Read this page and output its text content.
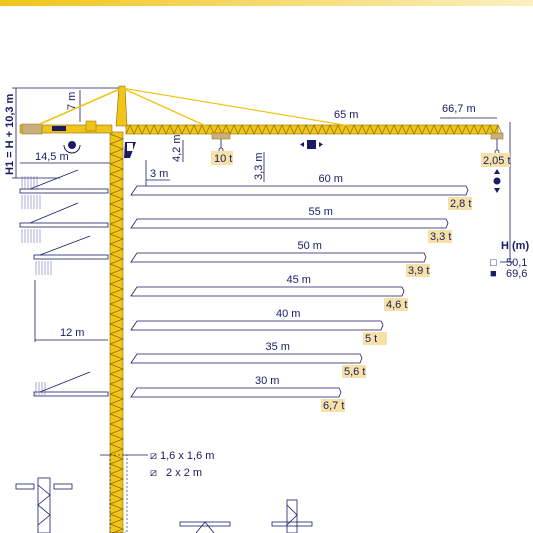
H1 = H + 10,3 m	7 m
14,5 m	4,2 m
3,3 m
3 m
65 m	66,7 m
12 m
10 t	2,05 t
H (m)
□ 50,1
■ 69,6
⧄ 1,6 x 1,6 m
⧄ 2 x 2 m
60 m
2,8 t
55 m
3,3 t
50 m
3,9 t
45 m
4,6 t
40 m
5 t
35 m
5,6 t
30 m
6,7 t
